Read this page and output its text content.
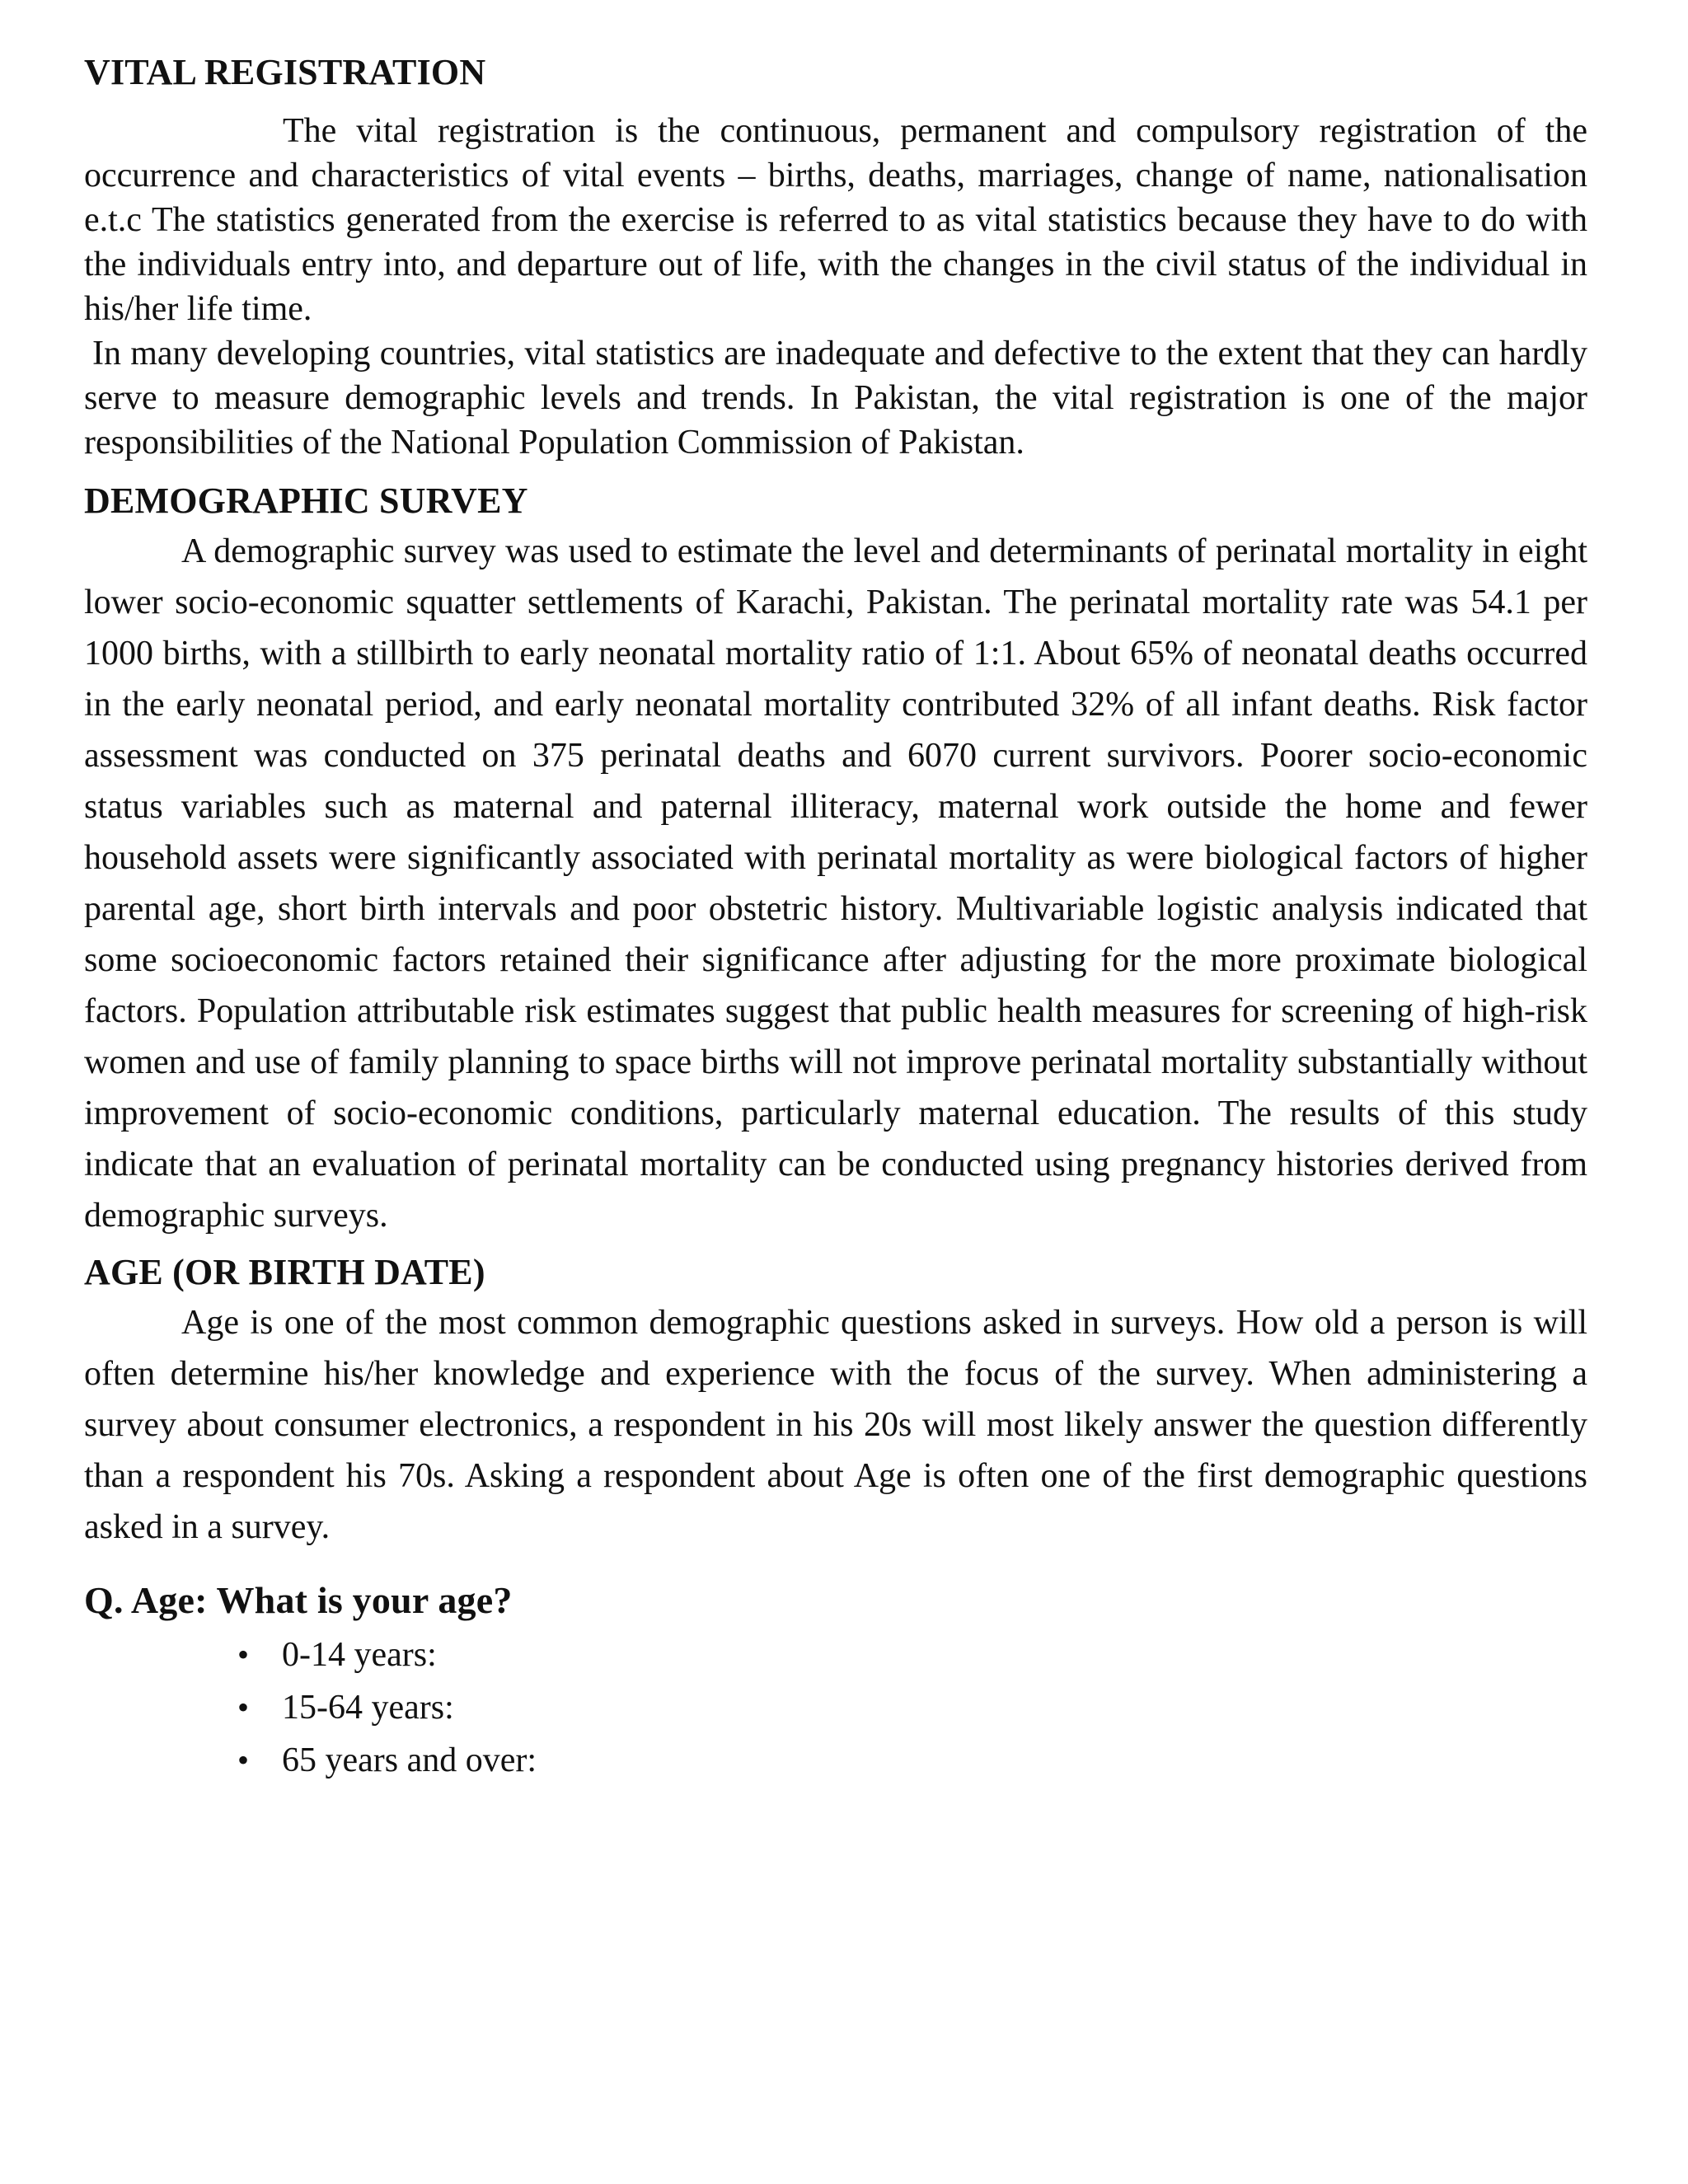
VITAL REGISTRATION

The vital registration is the continuous, permanent and compulsory registration of the occurrence and characteristics of vital events – births, deaths, marriages, change of name, nationalisation e.t.c The statistics generated from the exercise is referred to as vital statistics because they have to do with the individuals entry into, and departure out of life, with the changes in the civil status of the individual in his/her life time.

In many developing countries, vital statistics are inadequate and defective to the extent that they can hardly serve to measure demographic levels and trends. In Pakistan, the vital registration is one of the major responsibilities of the National Population Commission of Pakistan.

DEMOGRAPHIC SURVEY

A demographic survey was used to estimate the level and determinants of perinatal mortality in eight lower socio-economic squatter settlements of Karachi, Pakistan. The perinatal mortality rate was 54.1 per 1000 births, with a stillbirth to early neonatal mortality ratio of 1:1. About 65% of neonatal deaths occurred in the early neonatal period, and early neonatal mortality contributed 32% of all infant deaths. Risk factor assessment was conducted on 375 perinatal deaths and 6070 current survivors. Poorer socio-economic status variables such as maternal and paternal illiteracy, maternal work outside the home and fewer household assets were significantly associated with perinatal mortality as were biological factors of higher parental age, short birth intervals and poor obstetric history. Multivariable logistic analysis indicated that some socioeconomic factors retained their significance after adjusting for the more proximate biological factors. Population attributable risk estimates suggest that public health measures for screening of high-risk women and use of family planning to space births will not improve perinatal mortality substantially without improvement of socio-economic conditions, particularly maternal education. The results of this study indicate that an evaluation of perinatal mortality can be conducted using pregnancy histories derived from demographic surveys.

AGE (OR BIRTH DATE)

Age is one of the most common demographic questions asked in surveys. How old a person is will often determine his/her knowledge and experience with the focus of the survey. When administering a survey about consumer electronics, a respondent in his 20s will most likely answer the question differently than a respondent his 70s. Asking a respondent about Age is often one of the first demographic questions asked in a survey.

Q. Age: What is your age?
• 0-14 years:
• 15-64 years:
• 65 years and over:
